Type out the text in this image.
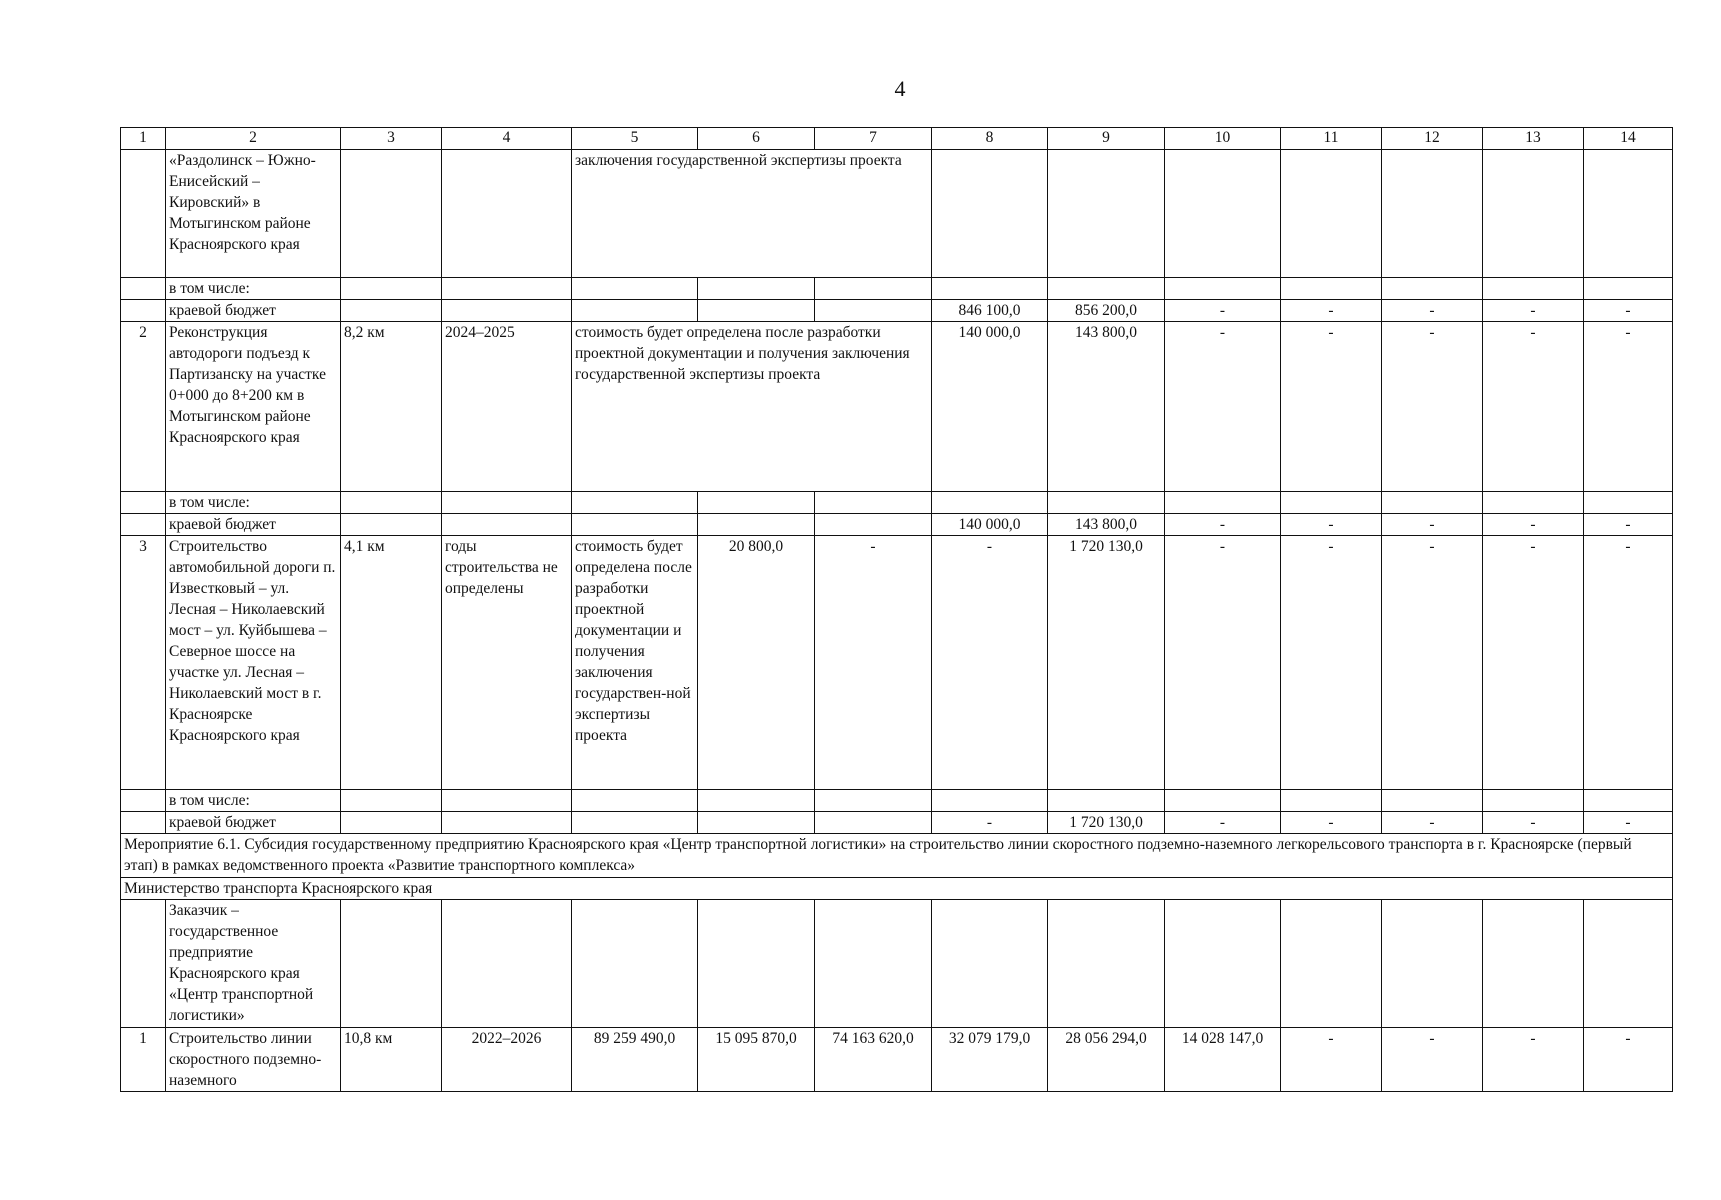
4
1	2	3	4	5	6	7	8	9	10	11	12	13	14
	«Раздолинск – Южно-Енисейский – Кировский» в Мотыгинском районе Красноярского края			заключения государственной экспертизы проекта									
	в том числе:												
	краевой бюджет						846 100,0	856 200,0	-	-	-	-	-
2	Реконструкция автодороги подъезд к Партизанску на участке 0+000 до 8+200 км в Мотыгинском районе Красноярского края	8,2 км	2024–2025	стоимость будет определена после разработки проектной документации и получения заключения государственной экспертизы проекта			140 000,0	143 800,0	-	-	-	-	-
	в том числе:												
	краевой бюджет						140 000,0	143 800,0	-	-	-	-	-
3	Строительство автомобильной дороги п. Известковый – ул. Лесная – Николаевский мост – ул. Куйбышева – Северное шоссе на участке ул. Лесная – Николаевский мост в г. Красноярске Красноярского края	4,1 км	годы строительства не определены	стоимость будет определена после разработки проектной документации и получения заключения государствен-ной экспертизы проекта	20 800,0	-	-	1 720 130,0	-	-	-	-	-
	в том числе:												
	краевой бюджет						-	1 720 130,0	-	-	-	-	-
Мероприятие 6.1. Субсидия государственному предприятию Красноярского края «Центр транспортной логистики» на строительство линии скоростного подземно-наземного легкорельсового транспорта в г. Красноярске (первый этап) в рамках ведомственного проекта «Развитие транспортного комплекса»													
Министерство транспорта Красноярского края													
	Заказчик – государственное предприятие Красноярского края «Центр транспортной логистики»												
1	Строительство линии скоростного подземно-наземного	10,8 км	2022–2026	89 259 490,0	15 095 870,0	74 163 620,0	32 079 179,0	28 056 294,0	14 028 147,0	-	-	-	-
